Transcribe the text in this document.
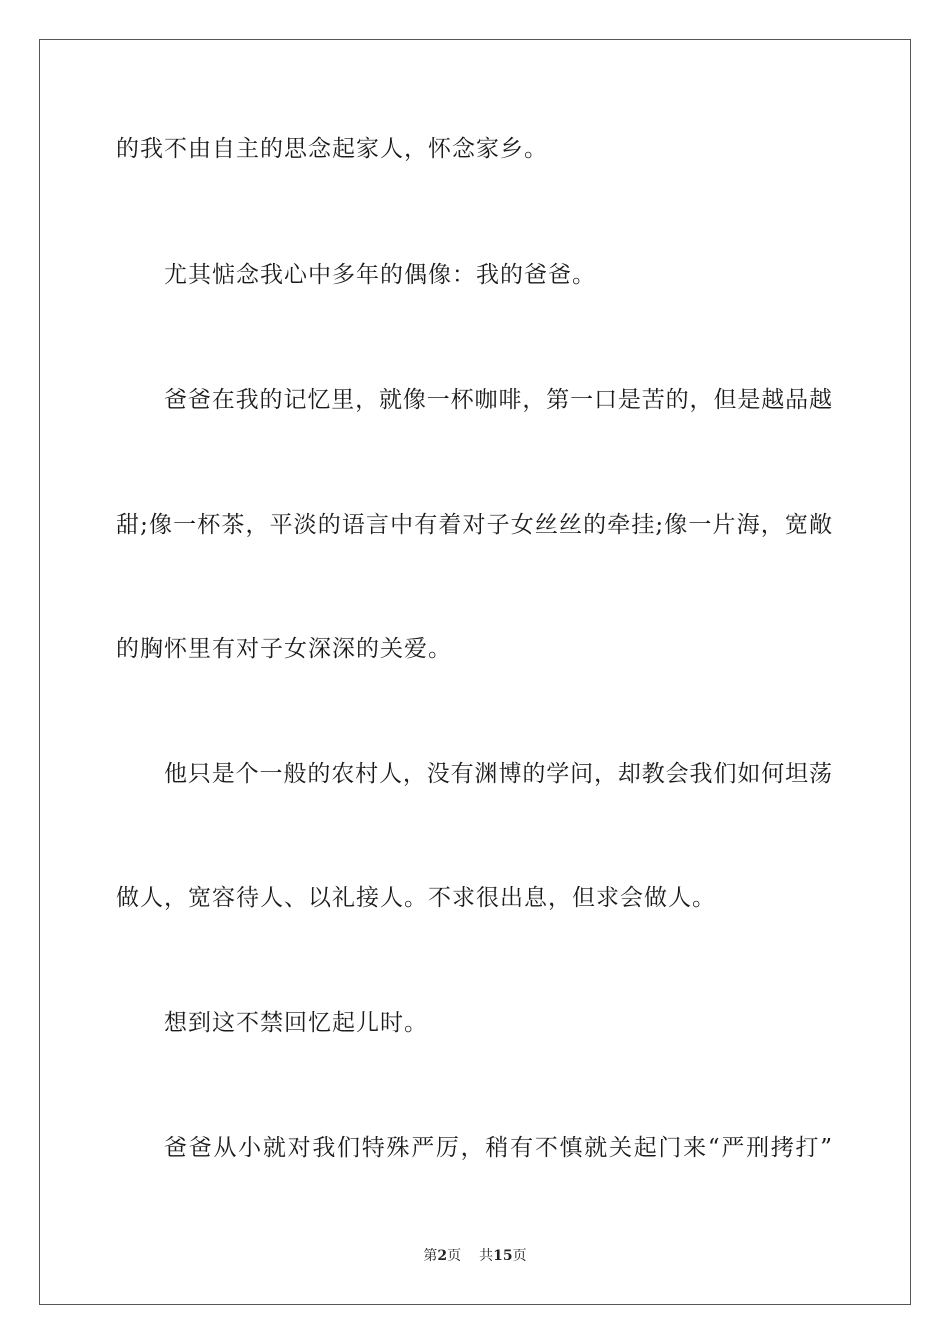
的我不由自主的思念起家人，怀念家乡。
尤其惦念我心中多年的偶像：我的爸爸。
爸爸在我的记忆里，就像一杯咖啡，第一口是苦的，但是越品越
甜;像一杯茶，平淡的语言中有着对子女丝丝的牵挂;像一片海，宽敞
的胸怀里有对子女深深的关爱。
他只是个一般的农村人，没有渊博的学问，却教会我们如何坦荡
做人，宽容待人、以礼接人。不求很出息，但求会做人。
想到这不禁回忆起儿时。
爸爸从小就对我们特殊严厉，稍有不慎就关起门来“严刑拷打”
第2页 共15页
